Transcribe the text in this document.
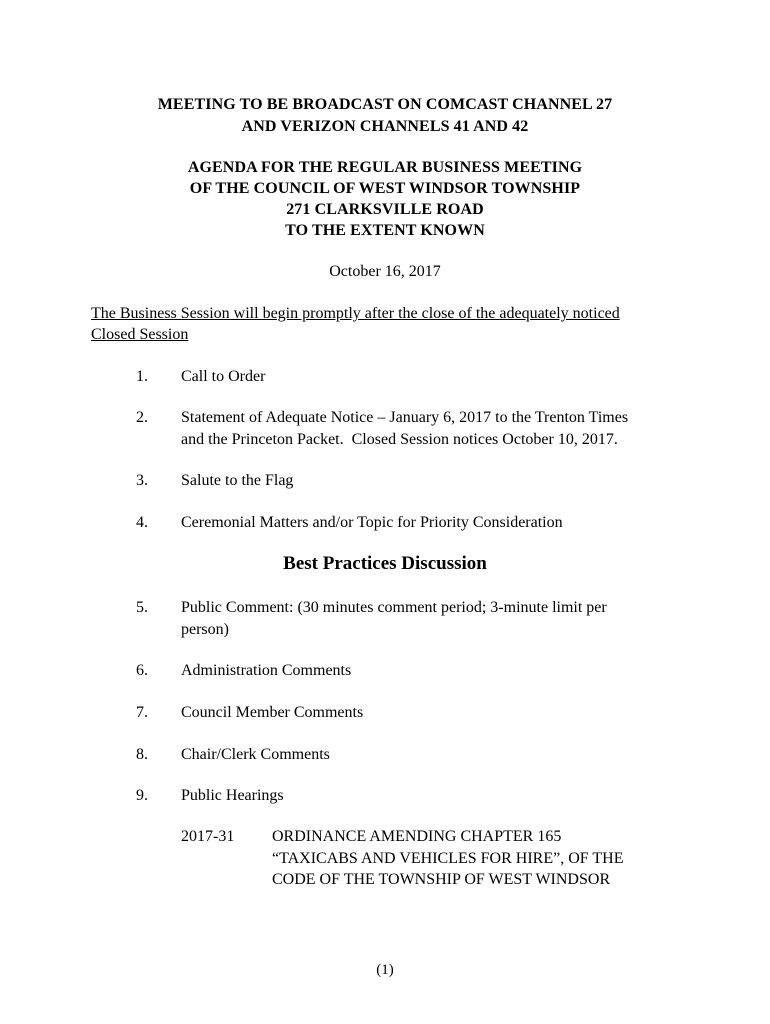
MEETING TO BE BROADCAST ON COMCAST CHANNEL 27
AND VERIZON CHANNELS 41 AND 42
AGENDA FOR THE REGULAR BUSINESS MEETING
OF THE COUNCIL OF WEST WINDSOR TOWNSHIP
271 CLARKSVILLE ROAD
TO THE EXTENT KNOWN
October 16, 2017
The Business Session will begin promptly after the close of the adequately noticed
Closed Session
1. Call to Order
2. Statement of Adequate Notice – January 6, 2017 to the Trenton Times
and the Princeton Packet.  Closed Session notices October 10, 2017.
3. Salute to the Flag
4. Ceremonial Matters and/or Topic for Priority Consideration
Best Practices Discussion
5. Public Comment: (30 minutes comment period; 3-minute limit per
person)
6. Administration Comments
7. Council Member Comments
8. Chair/Clerk Comments
9. Public Hearings
2017-31 ORDINANCE AMENDING CHAPTER 165
“TAXICABS AND VEHICLES FOR HIRE”, OF THE
CODE OF THE TOWNSHIP OF WEST WINDSOR
(1)
